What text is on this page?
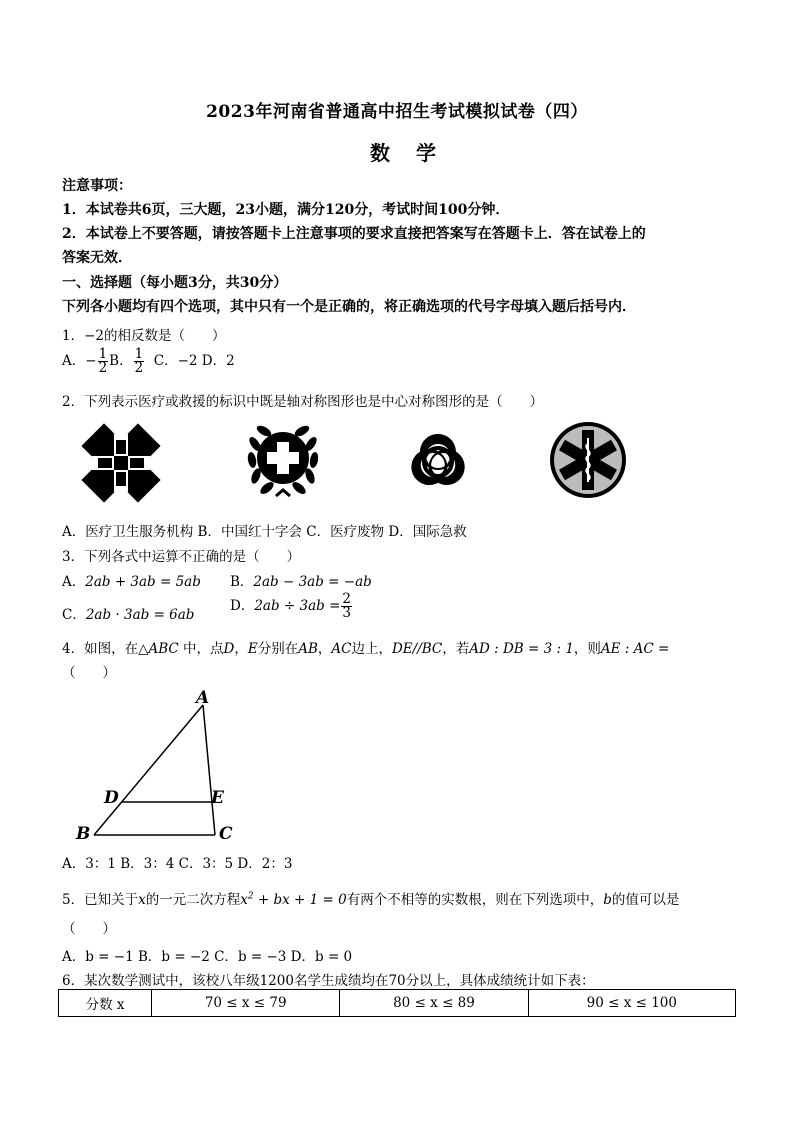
2023年河南省普通高中招生考试模拟试卷（四）
数学
注意事项：
1．本试卷共6页，三大题，23小题，满分120分，考试时间100分钟．
2．本试卷上不要答题，请按答题卡上注意事项的要求直接把答案写在答题卡上．答在试卷上的
答案无效．
一、选择题（每小题3分，共30分）
下列各小题均有四个选项，其中只有一个是正确的，将正确选项的代号字母填入题后括号内．
1．−2的相反数是（　　）
A．− $\frac{1}{2}$ B． $\frac{1}{2}$ C．−2 D．2
2．下列表示医疗或救援的标识中既是轴对称图形也是中心对称图形的是（　　）
A．医疗卫生服务机构 B．中国红十字会 C．医疗废物 D．国际急救
3．下列各式中运算不正确的是（　　）
A．2ab + 3ab = 5ab B．2ab − 3ab = −ab
C．2ab · 3ab = 6ab
D．$2ab \div 3ab = \frac{2}{3}$
4．如图，在△ABC 中，点D，E分别在AB，AC边上，DE//BC，若AD : DB = 3 : 1，则AE : AC =
（　　）
A
D	E
B	C
A．3：1 B．3：4 C．3：5 D．2：3
5．已知关于x的一元二次方程$x^2$ + bx + 1 = 0有两个不相等的实数根，则在下列选项中，b的值可以是
（　　）
A．b = −1 B．b = −2 C．b = −3 D．b = 0
6．某次数学测试中，该校八年级1200名学生成绩均在70分以上，具体成绩统计如下表：
分数 x	70 ≤ x ≤ 79	80 ≤ x ≤ 89	90 ≤ x ≤ 100
